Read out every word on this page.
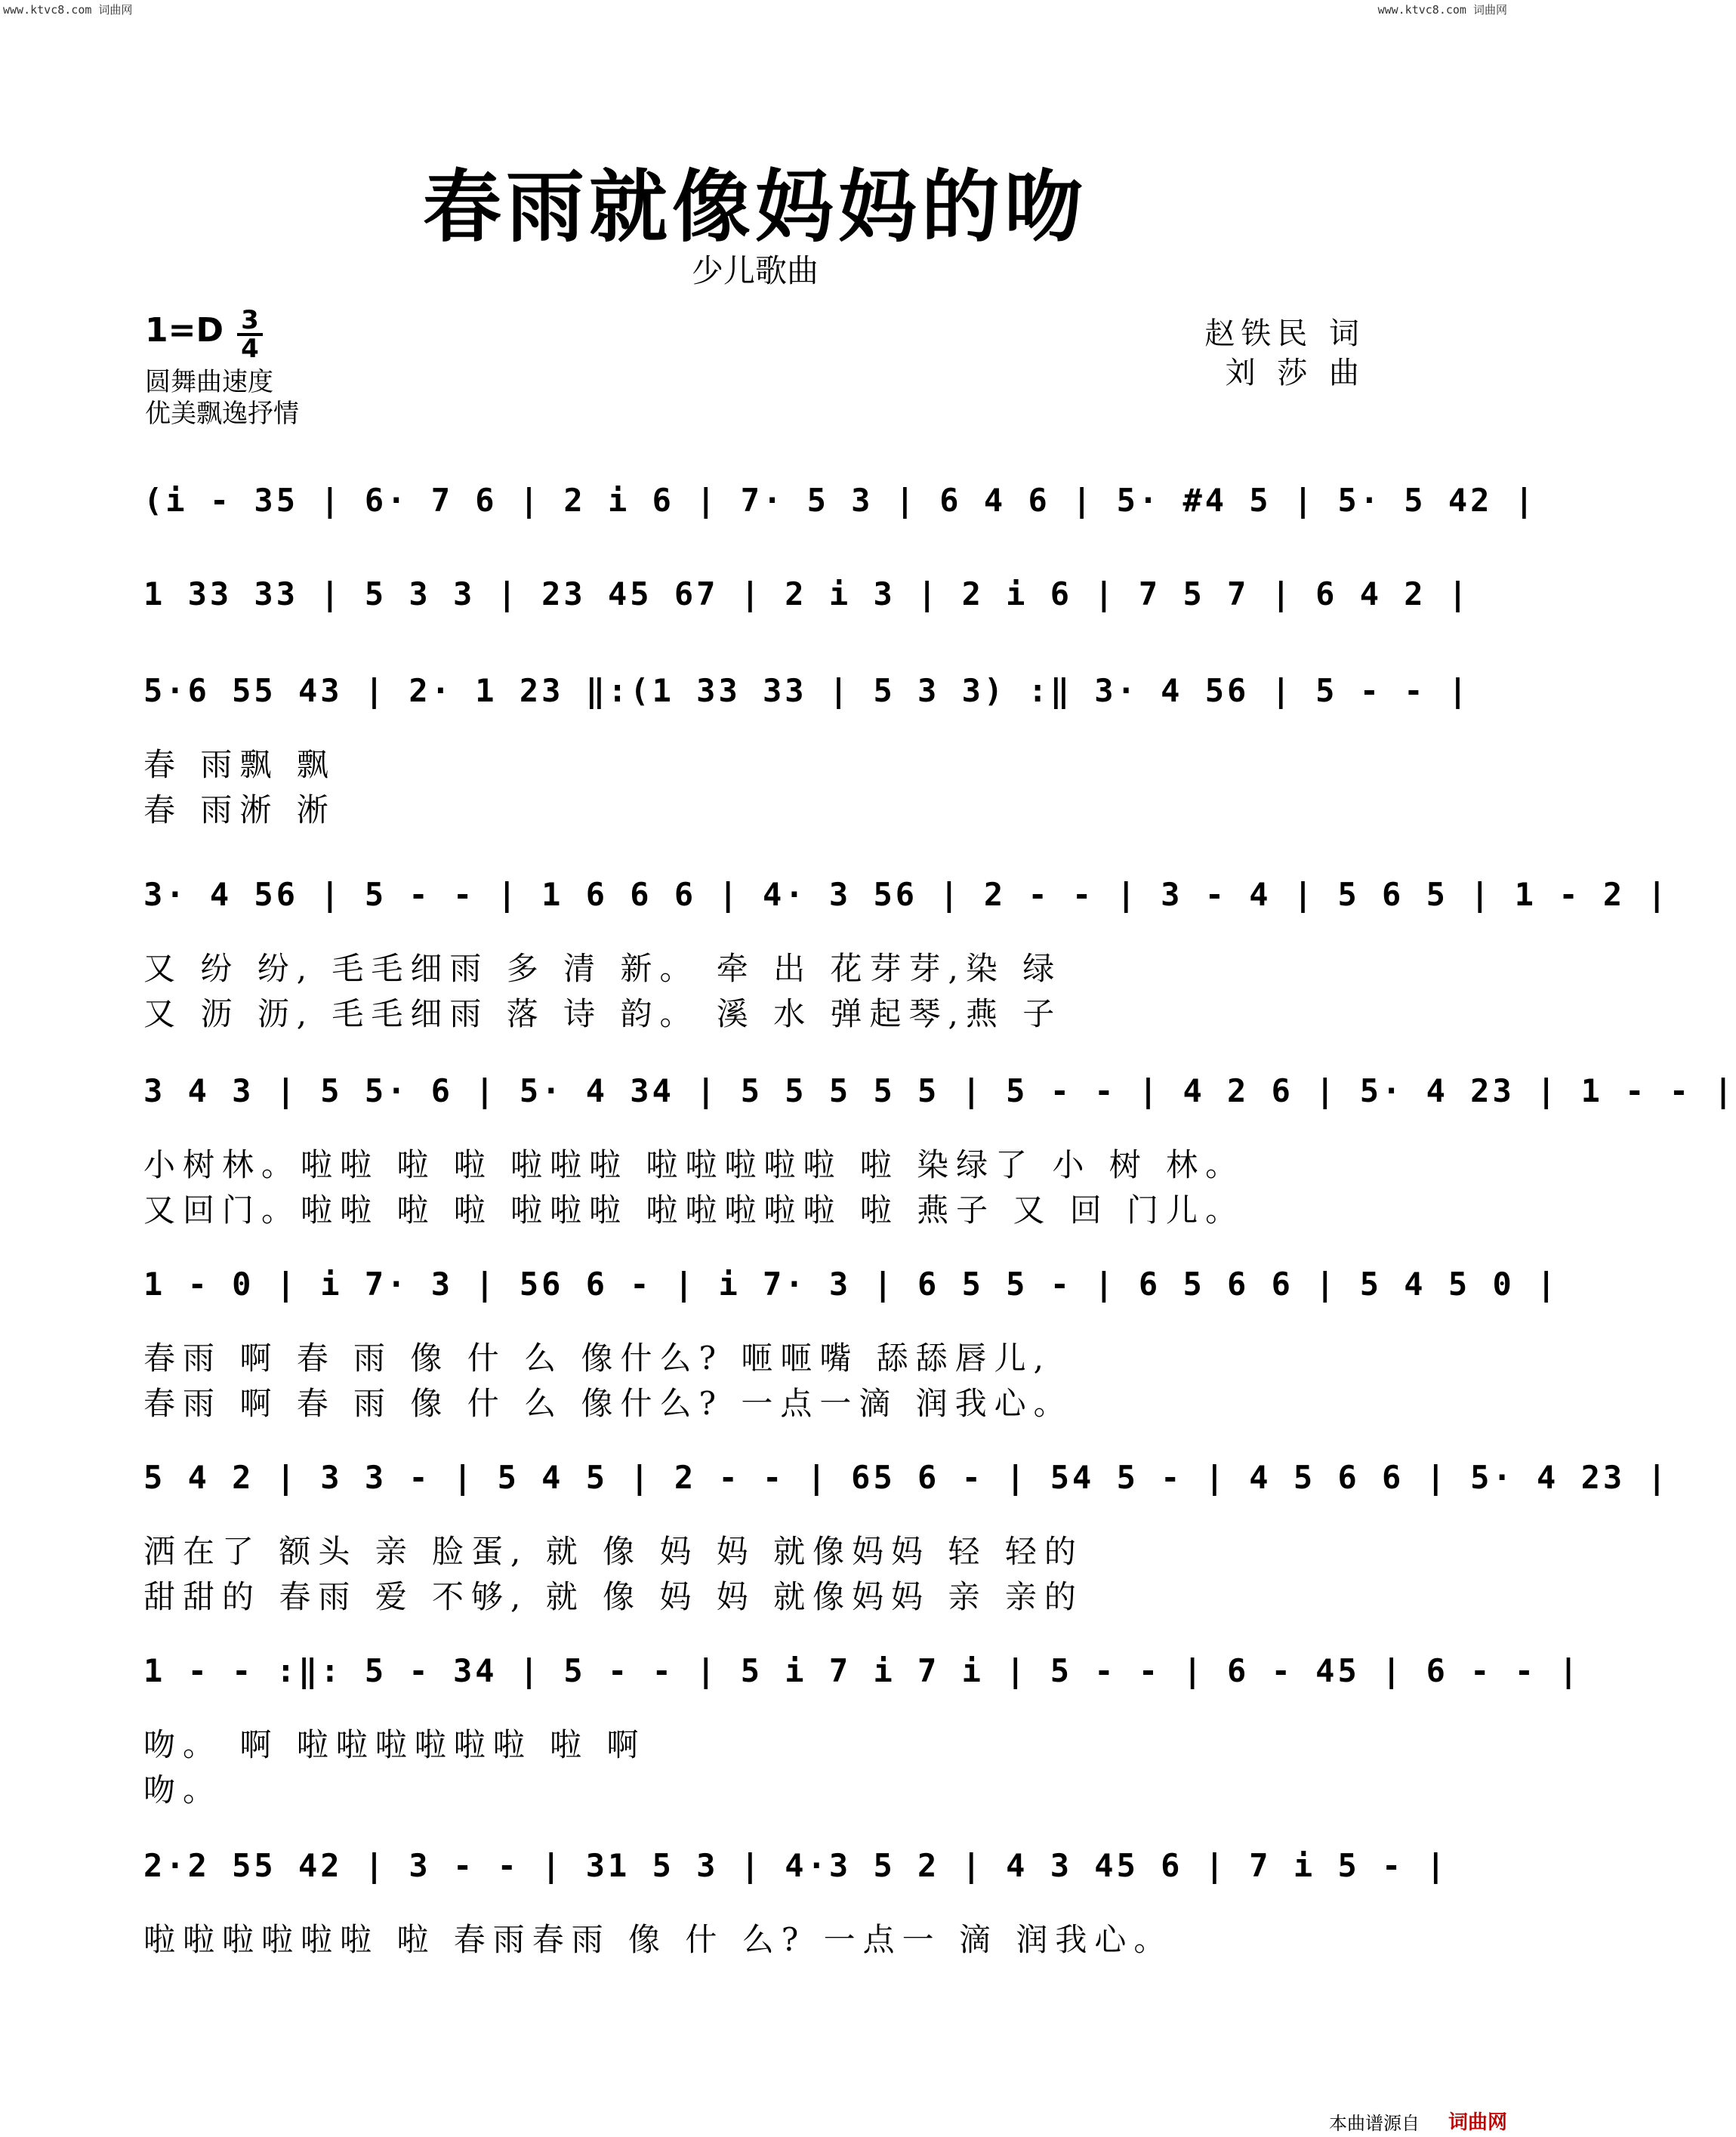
www.ktvc8.com 词曲网	www.ktvc8.com 词曲网
春雨就像妈妈的吻
少儿歌曲
1=D 3
4
圆舞曲速度
优美飘逸抒情
赵铁民 词
刘 莎 曲
(i - 35 | 6· 7 6 | 2 i 6 | 7· 5 3 | 6 4 6 | 5· #4 5 | 5· 5 42 |
1 33 33 | 5 3 3 | 23 45 67 | 2 i 3 | 2 i 6 | 7 5 7 | 6 4 2 |
5·6 55 43 | 2· 1 23 ‖:(1 33 33 | 5 3 3) :‖ 3· 4 56 | 5 - - |
春 雨飘 飘
春 雨淅 淅
3· 4 56 | 5 - - | 1 6 6 6 | 4· 3 56 | 2 - - | 3 - 4 | 5 6 5 | 1 - 2 |
又 纷 纷, 毛毛细雨 多 清 新。 牵 出 花芽芽,染 绿
又 沥 沥, 毛毛细雨 落 诗 韵。 溪 水 弹起琴,燕 子
3 4 3 | 5 5· 6 | 5· 4 34 | 5 5 5 5 5 | 5 - - | 4 2 6 | 5· 4 23 | 1 - - |
小树林。啦啦 啦 啦 啦啦啦 啦啦啦啦啦 啦 染绿了 小 树 林。
又回门。啦啦 啦 啦 啦啦啦 啦啦啦啦啦 啦 燕子 又 回 门儿。
1 - 0 | i 7· 3 | 56 6 - | i 7· 3 | 6 5 5 - | 6 5 6 6 | 5 4 5 0 |
春雨 啊 春 雨 像 什 么 像什么? 咂咂嘴 舔舔唇儿,
春雨 啊 春 雨 像 什 么 像什么? 一点一滴 润我心。
5 4 2 | 3 3 - | 5 4 5 | 2 - - | 65 6 - | 54 5 - | 4 5 6 6 | 5· 4 23 |
洒在了 额头 亲 脸蛋, 就 像 妈 妈 就像妈妈 轻 轻的
甜甜的 春雨 爱 不够, 就 像 妈 妈 就像妈妈 亲 亲的
1 - - :‖: 5 - 34 | 5 - - | 5 i 7 i 7 i | 5 - - | 6 - 45 | 6 - - |
吻。 啊 啦啦啦啦啦啦 啦 啊
吻。
2·2 55 42 | 3 - - | 31 5 3 | 4·3 5 2 | 4 3 45 6 | 7 i 5 - |
啦啦啦啦啦啦 啦 春雨春雨 像 什 么? 一点一 滴 润我心。
本曲谱源自 词曲网
